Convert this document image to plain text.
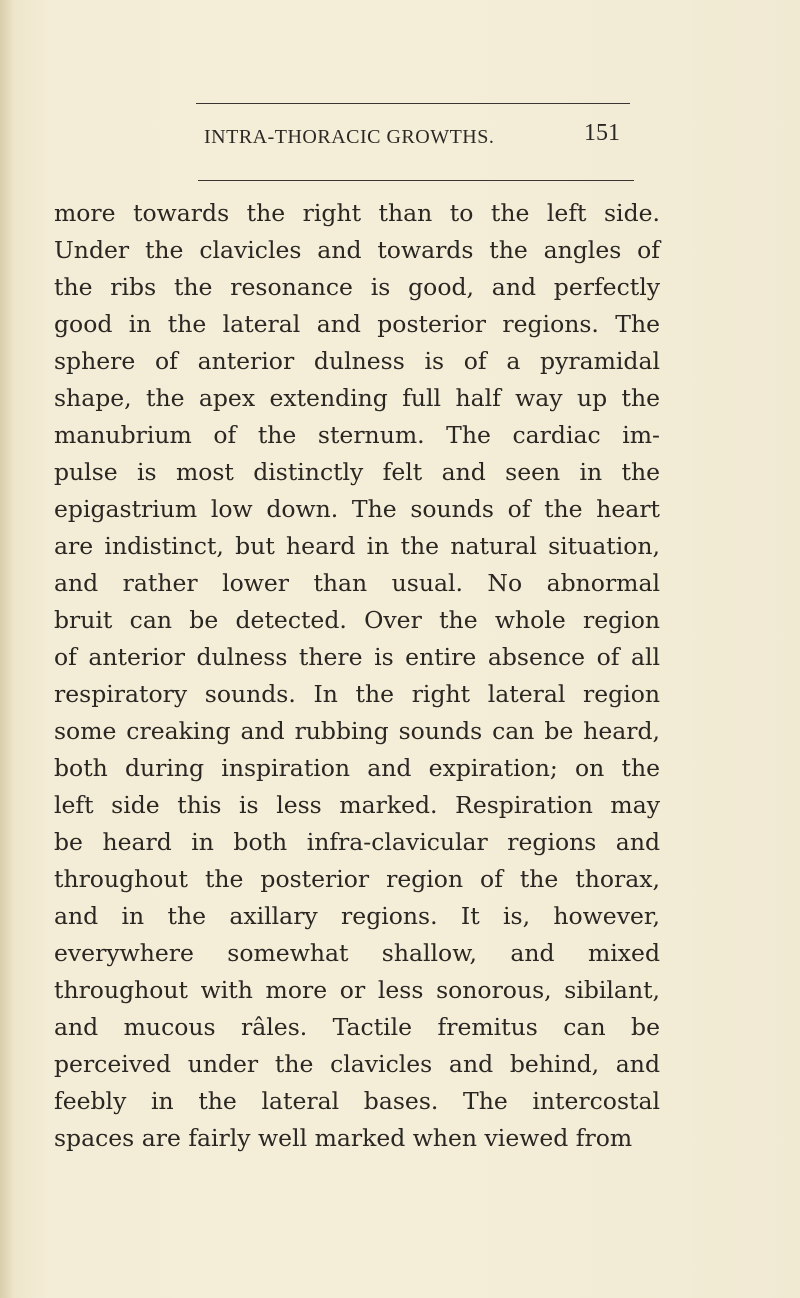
INTRA-THORACIC GROWTHS.	151
more towards the right than to the left side.
Under the clavicles and towards the angles of
the ribs the resonance is good, and perfectly
good in the lateral and posterior regions. The
sphere of anterior dulness is of a pyramidal
shape, the apex extending full half way up the
manubrium of the sternum. The cardiac im-
pulse is most distinctly felt and seen in the
epigastrium low down. The sounds of the heart
are indistinct, but heard in the natural situation,
and rather lower than usual. No abnormal
bruit can be detected. Over the whole region
of anterior dulness there is entire absence of all
respiratory sounds. In the right lateral region
some creaking and rubbing sounds can be heard,
both during inspiration and expiration; on the
left side this is less marked. Respiration may
be heard in both infra-clavicular regions and
throughout the posterior region of the thorax,
and in the axillary regions. It is, however,
everywhere somewhat shallow, and mixed
throughout with more or less sonorous, sibilant,
and mucous râles. Tactile fremitus can be
perceived under the clavicles and behind, and
feebly in the lateral bases. The intercostal
spaces are fairly well marked when viewed from
